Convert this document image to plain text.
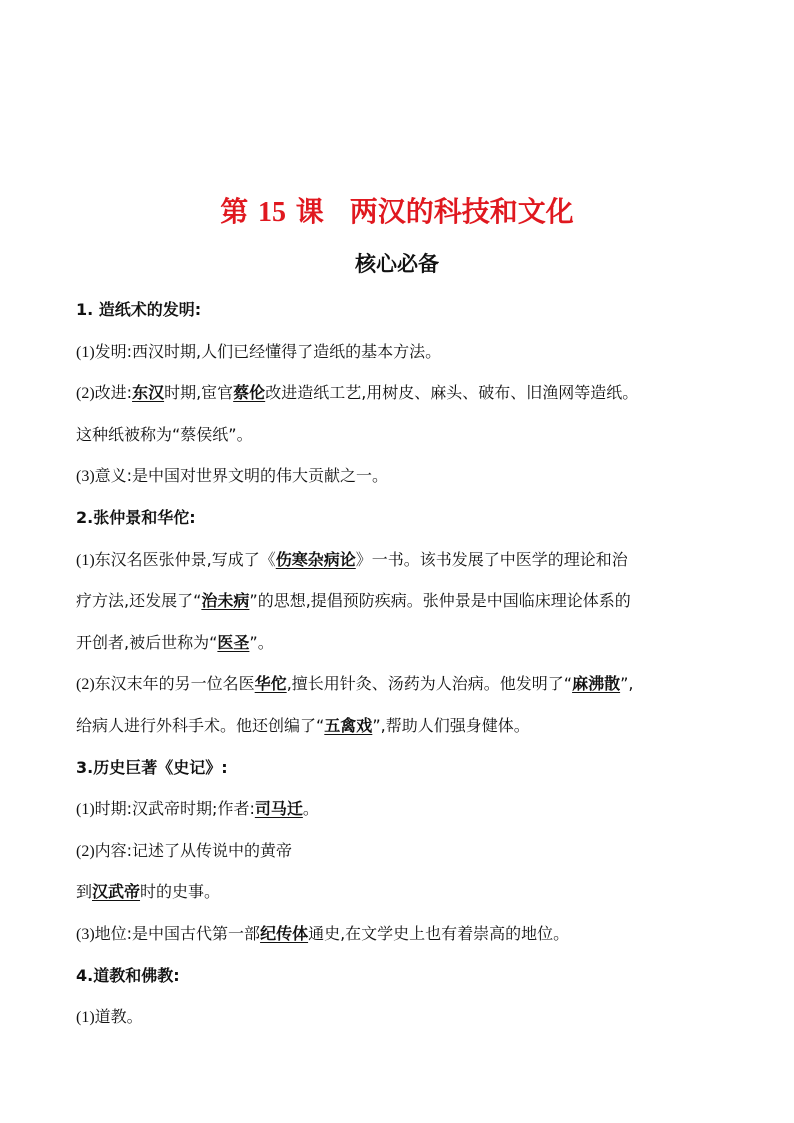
第 15 课 两汉的科技和文化
核心必备
1. 造纸术的发明:
(1)发明:西汉时期,人们已经懂得了造纸的基本方法。
(2)改进:东汉时期,宦官蔡伦改进造纸工艺,用树皮、麻头、破布、旧渔网等造纸。
这种纸被称为“蔡侯纸”。
(3)意义:是中国对世界文明的伟大贡献之一。
2.张仲景和华佗:
(1)东汉名医张仲景,写成了《伤寒杂病论》一书。该书发展了中医学的理论和治
疗方法,还发展了“治未病”的思想,提倡预防疾病。张仲景是中国临床理论体系的
开创者,被后世称为“医圣”。
(2)东汉末年的另一位名医华佗,擅长用针灸、汤药为人治病。他发明了“麻沸散”,
给病人进行外科手术。他还创编了“五禽戏”,帮助人们强身健体。
3.历史巨著《史记》:
(1)时期:汉武帝时期;作者:司马迁。
(2)内容:记述了从传说中的黄帝
到汉武帝时的史事。
(3)地位:是中国古代第一部纪传体通史,在文学史上也有着崇高的地位。
4.道教和佛教:
(1)道教。
